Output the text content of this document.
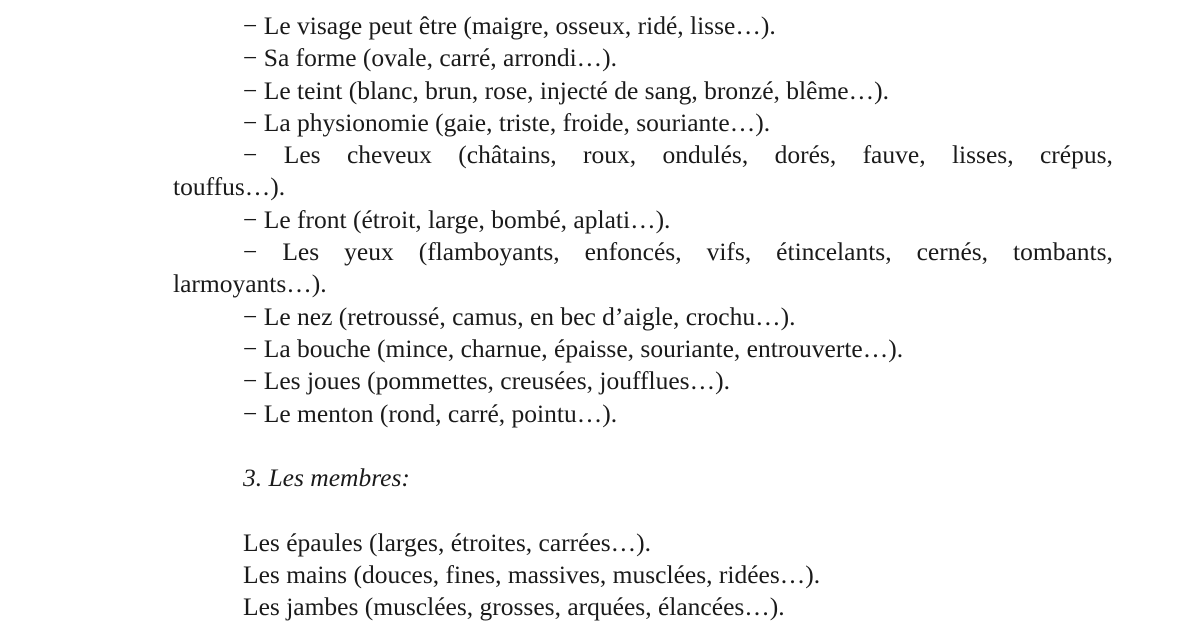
− Le visage peut être (maigre, osseux, ridé, lisse…).
− Sa forme (ovale, carré, arrondi…).
− Le teint (blanc, brun, rose, injecté de sang, bronzé, blême…).
− La physionomie (gaie, triste, froide, souriante…).
− Les cheveux (châtains, roux, ondulés, dorés, fauve, lisses, crépus,
touffus…).
− Le front (étroit, large, bombé, aplati…).
− Les yeux (flamboyants, enfoncés, vifs, étincelants, cernés, tombants,
larmoyants…).
− Le nez (retroussé, camus, en bec d’aigle, crochu…).
− La bouche (mince, charnue, épaisse, souriante, entrouverte…).
− Les joues (pommettes, creusées, joufflues…).
− Le menton (rond, carré, pointu…).
3. Les membres:
Les épaules (larges, étroites, carrées…).
Les mains (douces, fines, massives, musclées, ridées…).
Les jambes (musclées, grosses, arquées, élancées…).
